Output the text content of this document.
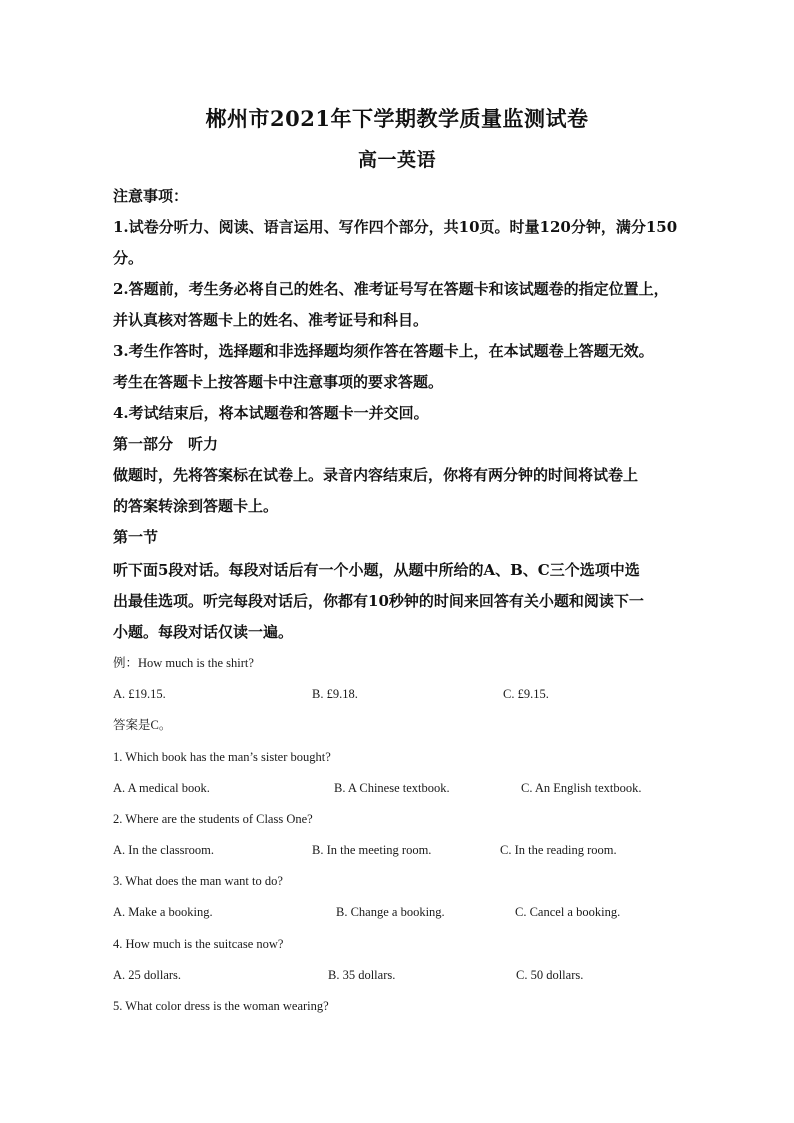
郴州市2021年下学期教学质量监测试卷
高一英语
注意事项：
1.试卷分听力、阅读、语言运用、写作四个部分，共10页。时量120分钟，满分150
分。
2.答题前，考生务必将自己的姓名、准考证号写在答题卡和该试题卷的指定位置上，
并认真核对答题卡上的姓名、准考证号和科目。
3.考生作答时，选择题和非选择题均须作答在答题卡上，在本试题卷上答题无效。
考生在答题卡上按答题卡中注意事项的要求答题。
4.考试结束后，将本试题卷和答题卡一并交回。
第一部分　听力
做题时，先将答案标在试卷上。录音内容结束后，你将有两分钟的时间将试卷上
的答案转涂到答题卡上。
第一节
听下面5段对话。每段对话后有一个小题，从题中所给的A、B、C三个选项中选
出最佳选项。听完每段对话后，你都有10秒钟的时间来回答有关小题和阅读下一
小题。每段对话仅读一遍。
例：How much is the shirt?
A. £19.15.	B. £9.18.	C. £9.15.
答案是C。
1. Which book has the man’s sister bought?
A. A medical book.	B. A Chinese textbook.	C. An English textbook.
2. Where are the students of Class One?
A. In the classroom.	B. In the meeting room.	C. In the reading room.
3. What does the man want to do?
A. Make a booking.	B. Change a booking.	C. Cancel a booking.
4. How much is the suitcase now?
A. 25 dollars.	B. 35 dollars.	C. 50 dollars.
5. What color dress is the woman wearing?
